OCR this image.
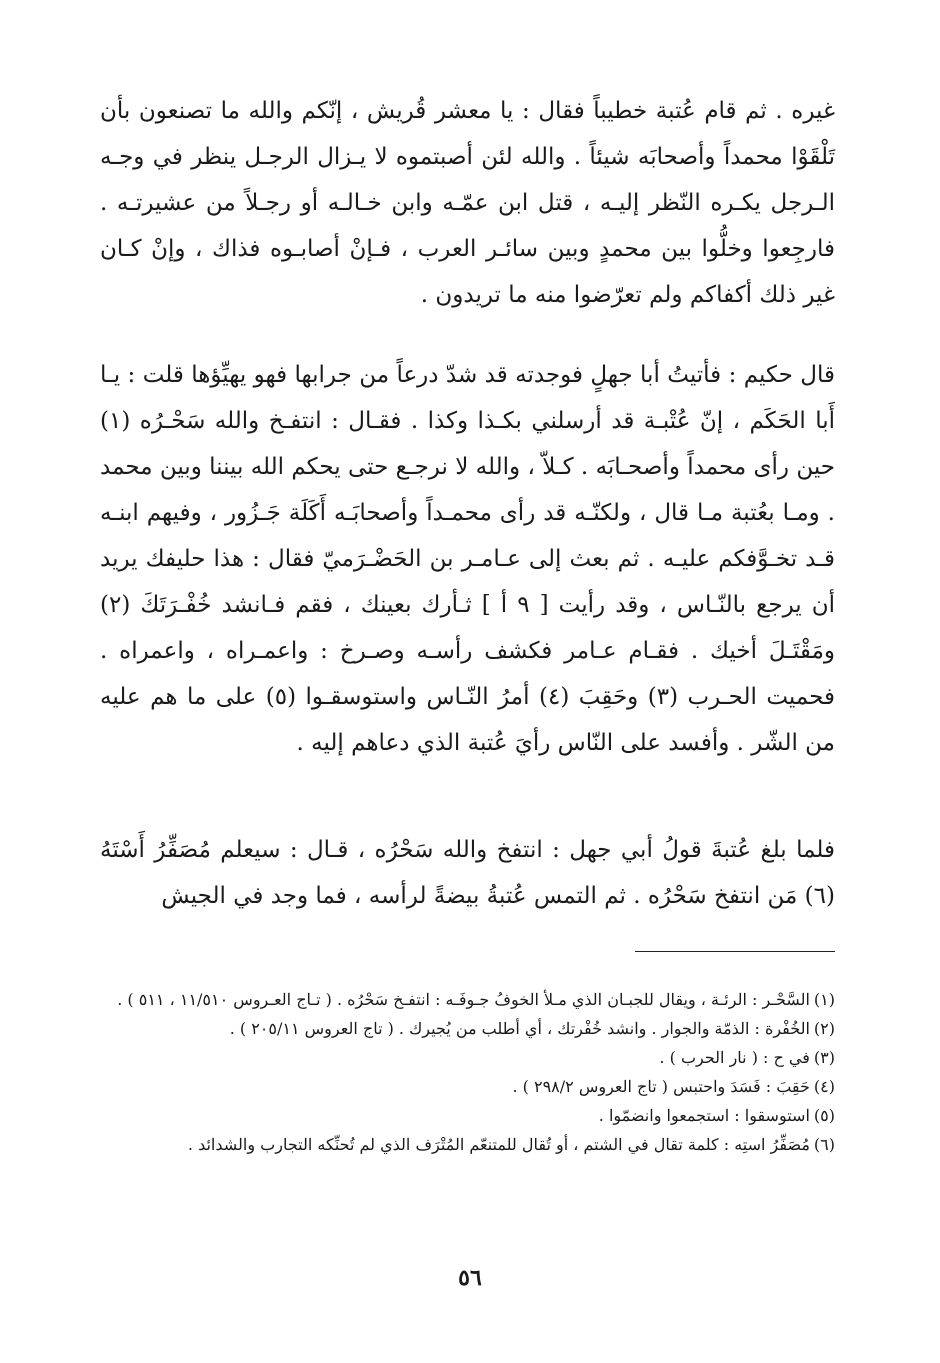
غيره . ثم قام عُتبة خطيباً فقال : يا معشر قُريش ، إنّكم والله ما تصنعون بأن تَلْقَوْا محمداً وأصحابَه شيئاً . والله لئن أصبتموه لا يـزال الرجـل ينظر في وجـه الـرجل يكـره النّظر إليـه ، قتل ابن عمّـه وابن خـالـه أو رجـلاً من عشيرتـه . فارجِعوا وخلُّوا بين محمدٍ وبين سائـر العرب ، فـإنْ أصابـوه فذاك ، وإنْ كـان غير ذلك أكفاكم ولم تعرّضوا منه ما تريدون .

قال حكيم : فأتيتُ أبا جهلٍ فوجدته قد شدّ درعاً من جرابها فهو يهيِّؤها قلت : يـا أَبا الحَكَم ، إنّ عُتْبـة قد أرسلني بكـذا وكذا . فقـال : انتفـخ والله سَحْـرُه (١) حين رأى محمداً وأصحـابَه . كـلاّ ، والله لا نرجـع حتى يحكم الله بيننا وبين محمد . ومـا بعُتبة مـا قال ، ولكنّـه قد رأى محمـداً وأصحابَـه أَكَلَة جَـزُور ، وفيهم ابنـه قـد تخـوَّفكم عليـه . ثم بعث إلى عـامـر بن الحَضْـرَميّ فقال : هذا حليفك يريد أن يرجع بالنّـاس ، وقد رأيت [ ٩ أ ] ثـأرك بعينك ، فقم فـانشد خُفْـرَتَكَ (٢) ومَقْتَـلَ أخيك . فقـام عـامر فكشف رأسـه وصـرخ : واعمـراه ، واعمراه . فحميت الحـرب (٣) وحَقِبَ (٤) أمرُ النّـاس واستوسقـوا (٥) على ما هم عليه من الشّر . وأفسد على النّاس رأيَ عُتبة الذي دعاهم إليه .

فلما بلغ عُتبةَ قولُ أبي جهل : انتفخ والله سَحْرُه ، قـال : سيعلم مُصَفِّرُ أَسْتَهُ (٦) مَن انتفخ سَحْرُه . ثم التمس عُتبةُ بيضةً لرأسه ، فما وجد في الجيش

(١)السَّحْـر : الرئـة ، ويقال للجبـان الذي مـلأ الخوفُ جـوفَـه : انتفـخ سَحْرُه . ( تـاج العـروس ١١/٥١٠ ، ٥١١ ) .
(٢)الخُفْرة : الذمّة والجوار . وانشد خُفْرتك ، أي أطلب من يُجيرك . ( تاج العروس ٢٠٥/١١ ) .
(٣)في ح : ( نار الحرب ) .
(٤)حَقِبَ : فَسَدَ واحتبس ( تاج العروس ٢٩٨/٢ ) .
(٥)استوسقوا : استجمعوا وانضمّوا .
(٦)مُصَفِّرُ استِه : كلمة تقال في الشتم ، أو تُقال للمتنعّم المُتْرَف الذي لم تُحنِّكه التجارب والشدائد .
٥٦
